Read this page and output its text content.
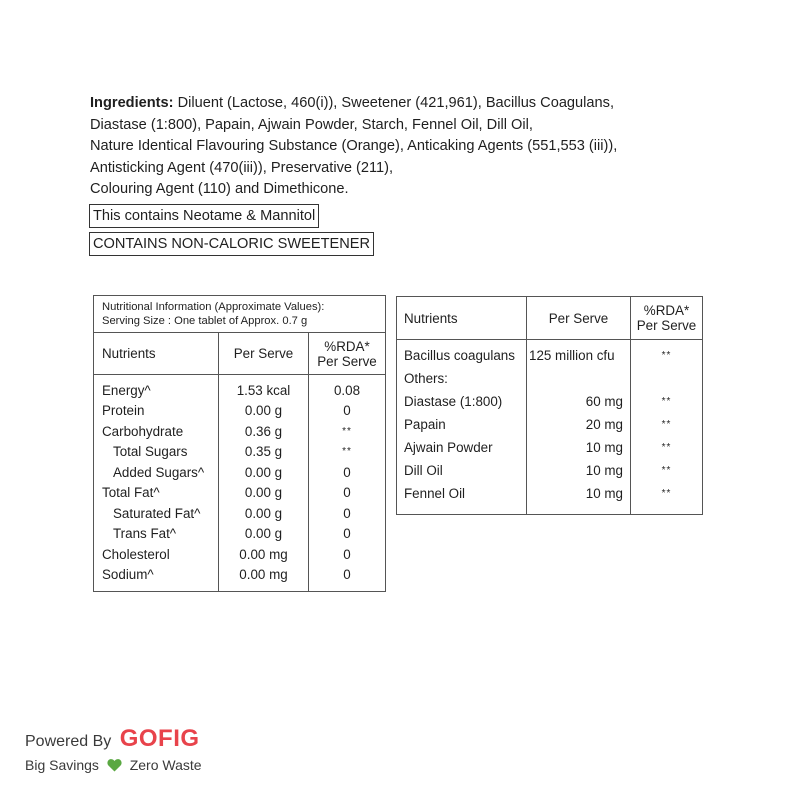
Ingredients: Diluent (Lactose, 460(i)), Sweetener (421,961), Bacillus Coagulans,
Diastase (1:800), Papain, Ajwain Powder, Starch, Fennel Oil, Dill Oil,
Nature Identical Flavouring Substance (Orange), Anticaking Agents (551,553 (iii)),
Antisticking Agent (470(iii)), Preservative (211),
Colouring Agent (110) and Dimethicone.
This contains Neotame & Mannitol
CONTAINS NON-CALORIC SWEETENER
Nutritional Information (Approximate Values):
Serving Size : One tablet of Approx. 0.7 g		
Nutrients	Per Serve	%RDA*
Per Serve
Energy^	1.53 kcal	0.08
Protein	0.00 g	0
Carbohydrate	0.36 g	**
Total Sugars	0.35 g	**
Added Sugars^	0.00 g	0
Total Fat^	0.00 g	0
Saturated Fat^	0.00 g	0
Trans Fat^	0.00 g	0
Cholesterol	0.00 mg	0
Sodium^	0.00 mg	0
Nutrients	Per Serve	%RDA*
Per Serve
Bacillus coagulans	125 million cfu	**
Others:		
Diastase (1:800)	60 mg	**
Papain	20 mg	**
Ajwain Powder	10 mg	**
Dill Oil	10 mg	**
Fennel Oil	10 mg	**
Powered By GOFIG
Big Savings Zero Waste
